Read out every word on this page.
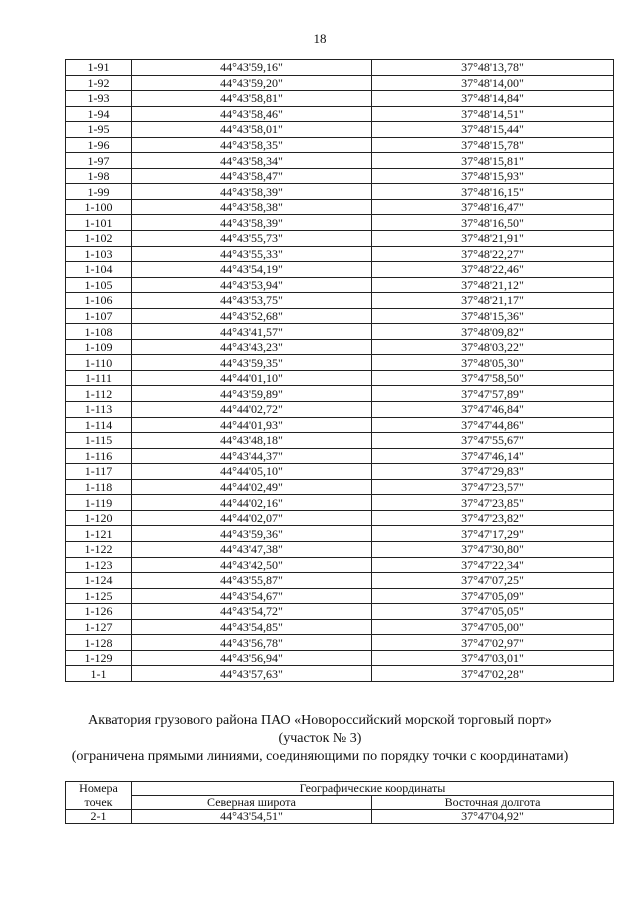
18
1-91	44°43'59,16"	37°48'13,78"
1-92	44°43'59,20"	37°48'14,00"
1-93	44°43'58,81"	37°48'14,84"
1-94	44°43'58,46"	37°48'14,51"
1-95	44°43'58,01"	37°48'15,44"
1-96	44°43'58,35"	37°48'15,78"
1-97	44°43'58,34"	37°48'15,81"
1-98	44°43'58,47"	37°48'15,93"
1-99	44°43'58,39"	37°48'16,15"
1-100	44°43'58,38"	37°48'16,47"
1-101	44°43'58,39"	37°48'16,50"
1-102	44°43'55,73"	37°48'21,91"
1-103	44°43'55,33"	37°48'22,27"
1-104	44°43'54,19"	37°48'22,46"
1-105	44°43'53,94"	37°48'21,12"
1-106	44°43'53,75"	37°48'21,17"
1-107	44°43'52,68"	37°48'15,36"
1-108	44°43'41,57"	37°48'09,82"
1-109	44°43'43,23"	37°48'03,22"
1-110	44°43'59,35"	37°48'05,30"
1-111	44°44'01,10"	37°47'58,50"
1-112	44°43'59,89"	37°47'57,89"
1-113	44°44'02,72"	37°47'46,84"
1-114	44°44'01,93"	37°47'44,86"
1-115	44°43'48,18"	37°47'55,67"
1-116	44°43'44,37"	37°47'46,14"
1-117	44°44'05,10"	37°47'29,83"
1-118	44°44'02,49"	37°47'23,57"
1-119	44°44'02,16"	37°47'23,85"
1-120	44°44'02,07"	37°47'23,82"
1-121	44°43'59,36"	37°47'17,29"
1-122	44°43'47,38"	37°47'30,80"
1-123	44°43'42,50"	37°47'22,34"
1-124	44°43'55,87"	37°47'07,25"
1-125	44°43'54,67"	37°47'05,09"
1-126	44°43'54,72"	37°47'05,05"
1-127	44°43'54,85"	37°47'05,00"
1-128	44°43'56,78"	37°47'02,97"
1-129	44°43'56,94"	37°47'03,01"
1-1	44°43'57,63"	37°47'02,28"
Акватория грузового района ПАО «Новороссийский морской торговый порт»
(участок № 3)
(ограничена прямыми линиями, соединяющими по порядку точки с координатами)
Номера	Географические координаты	
точек	Северная широта	Восточная долгота
2-1	44°43'54,51"	37°47'04,92"
